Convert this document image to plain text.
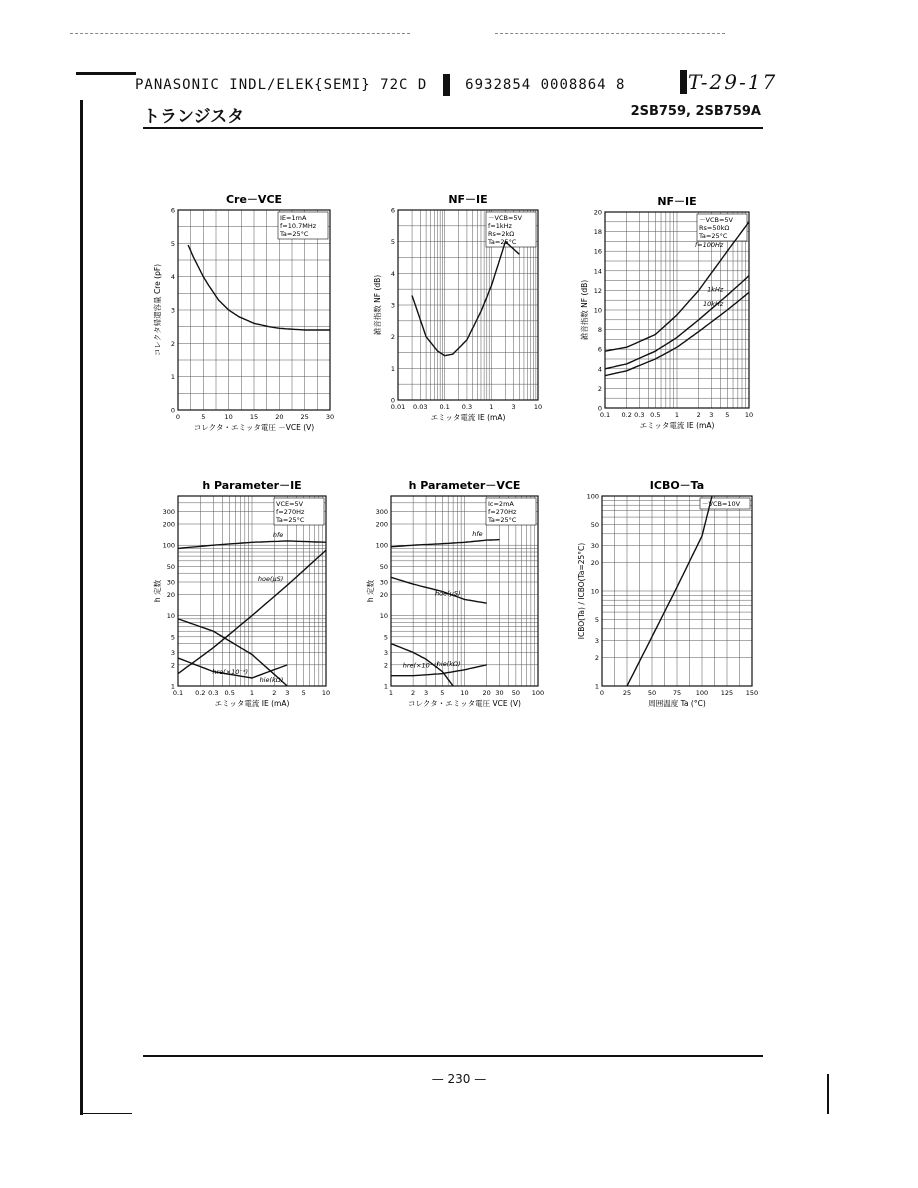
PANASONIC INDL/ELEK{SEMI} 72C D	6932854 0008864 8	T-29-17
トランジスタ	2SB759, 2SB759A
Cre－VCE
0	5	10	15	20	25	30
0
1
2
3
4
5
6
コレクタ・エミッタ電圧 －VCE (V)
コレクタ帰還容量 Cre (pF)
IE=1mA
f=10.7MHz
Ta=25°C
NF－IE
0.01 0.03 0.1 0.3	1	3	10
0
1
2
3
4
5
6
エミッタ電流 IE (mA)
雑音指数 NF (dB)
－VCB=5V
f=1kHz
Rs=2kΩ
Ta=25°C
NF－IE
0.1 0.2 0.3 0.5 1	2 3 5 10
0
2
4
6
8
10
12
14
16
18
20
エミッタ電流 IE (mA)
雑音指数 NF (dB)
－VCB=5V
Rs=50kΩ
Ta=25°C
f=100Hz
1kHz
10kHz
h Parameter－IE
0.1 0.2 0.3 0.5 1	2 3 5 10
1
2
3
5
10
20
30
50
100
200
300
エミッタ電流 IE (mA)
h 定数
VCE=5V
f=270Hz
Ta=25°C
hfe
hoe(μS)
hie(kΩ)
hre(×10⁻⁴)
h Parameter－VCE
1	2 3 5 10 20 30 50 100
1
2
3
5
10
20
30
50
100
200
300
コレクタ・エミッタ電圧 VCE (V)
h 定数
Ic=2mA
f=270Hz
Ta=25°C
hfe
hoe(μS)
hre(×10⁻⁴)
hie(kΩ)
ICBO－Ta
0	25	50	75 100 125 150
1
2
3
5
10
20
30
50
100
周囲温度 Ta (°C)
ICBO(Ta) / ICBO(Ta=25°C)
－VCB=10V
— 230 —
